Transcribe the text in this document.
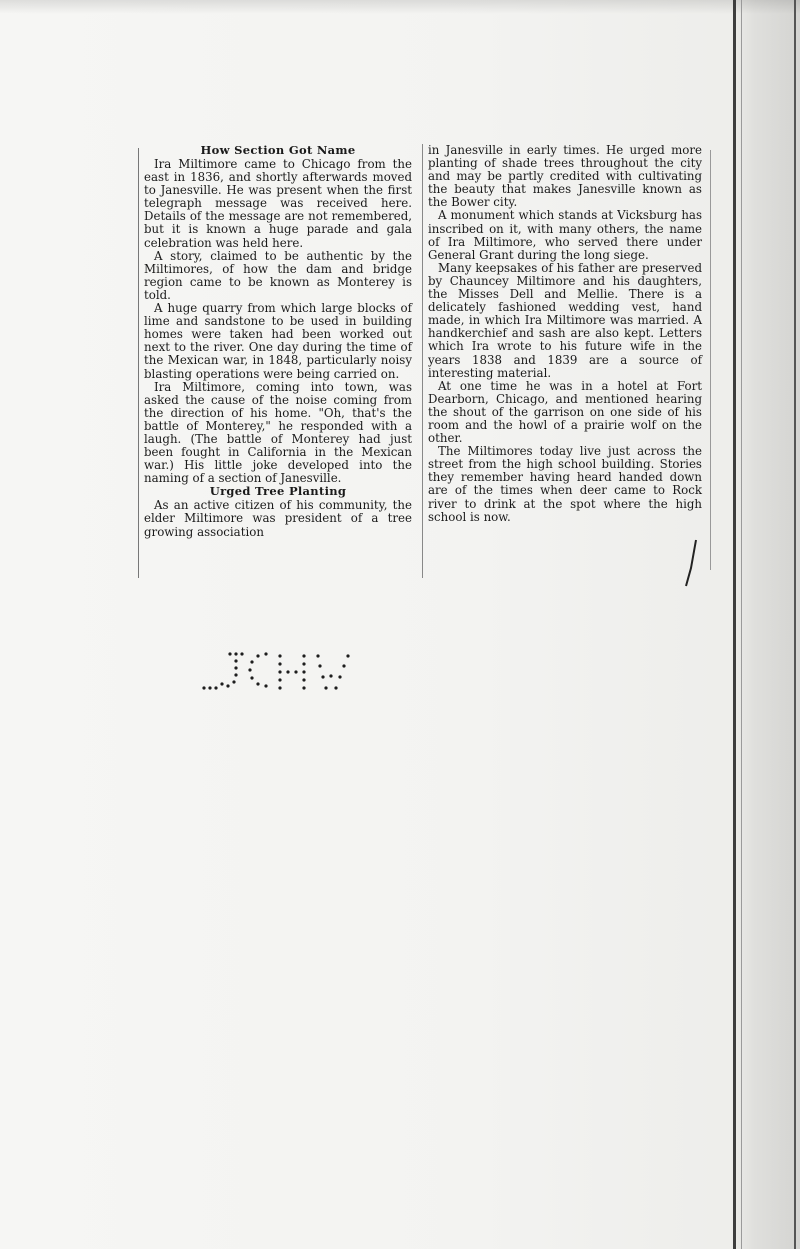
How Section Got Name

Ira Miltimore came to Chicago from the east in 1836, and shortly afterwards moved to Janesville. He was present when the first telegraph message was received here. Details of the message are not remembered, but it is known a huge parade and gala celebration was held here.

A story, claimed to be authentic by the Miltimores, of how the dam and bridge region came to be known as Monterey is told.

A huge quarry from which large blocks of lime and sandstone to be used in building homes were taken had been worked out next to the river. One day during the time of the Mexican war, in 1848, particularly noisy blasting operations were being carried on.

Ira Miltimore, coming into town, was asked the cause of the noise coming from the direction of his home. "Oh, that's the battle of Monterey," he responded with a laugh. (The battle of Monterey had just been fought in California in the Mexican war.) His little joke developed into the naming of a section of Janesville.

Urged Tree Planting

As an active citizen of his community, the elder Miltimore was president of a tree growing association

in Janesville in early times. He urged more planting of shade trees throughout the city and may be partly credited with cultivating the beauty that makes Janesville known as the Bower city.

A monument which stands at Vicksburg has inscribed on it, with many others, the name of Ira Miltimore, who served there under General Grant during the long siege.

Many keepsakes of his father are preserved by Chauncey Miltimore and his daughters, the Misses Dell and Mellie. There is a delicately fashioned wedding vest, hand made, in which Ira Miltimore was married. A handkerchief and sash are also kept. Letters which Ira wrote to his future wife in the years 1838 and 1839 are a source of interesting material.

At one time he was in a hotel at Fort Dearborn, Chicago, and mentioned hearing the shout of the garrison on one side of his room and the howl of a prairie wolf on the other.

The Miltimores today live just across the street from the high school building. Stories they remember having heard handed down are of the times when deer came to Rock river to drink at the spot where the high school is now.
